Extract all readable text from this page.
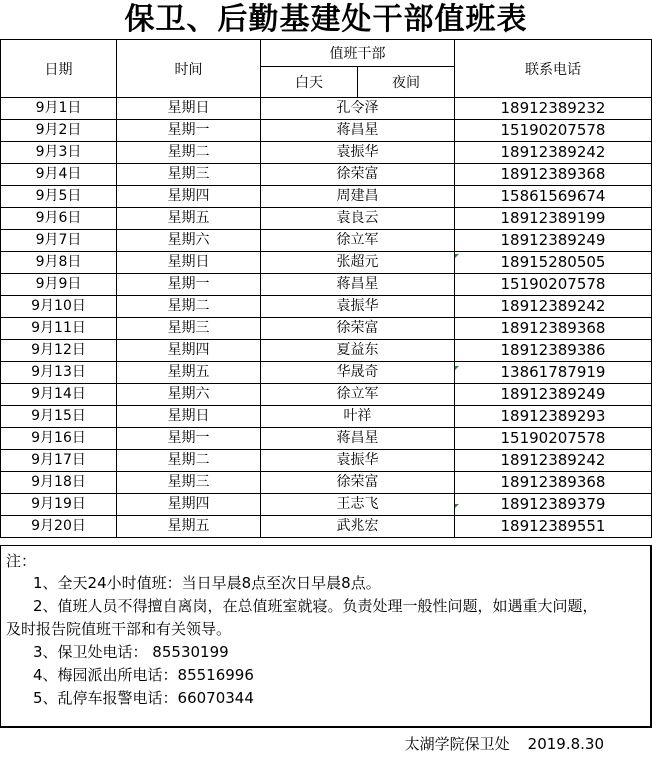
保卫、后勤基建处干部值班表
日期	时间	值班干部		联系电话
		白天	夜间	
9月1日	星期日	孔令泽		18912389232
9月2日	星期一	蒋昌星		15190207578
9月3日	星期二	袁振华		18912389242
9月4日	星期三	徐荣富		18912389368
9月5日	星期四	周建昌		15861569674
9月6日	星期五	袁良云		18912389199
9月7日	星期六	徐立军		18912389249
9月8日	星期日	张超元		18915280505
9月9日	星期一	蒋昌星		15190207578
9月10日	星期二	袁振华		18912389242
9月11日	星期三	徐荣富		18912389368
9月12日	星期四	夏益东		18912389386
9月13日	星期五	华晟奇		13861787919
9月14日	星期六	徐立军		18912389249
9月15日	星期日	叶祥		18912389293
9月16日	星期一	蒋昌星		15190207578
9月17日	星期二	袁振华		18912389242
9月18日	星期三	徐荣富		18912389368
9月19日	星期四	王志飞		18912389379
9月20日	星期五	武兆宏		18912389551
注：
1、全天24小时值班：当日早晨8点至次日早晨8点。
2、值班人员不得擅自离岗，在总值班室就寝。负责处理一般性问题，如遇重大问题，
及时报告院值班干部和有关领导。
3、保卫处电话： 85530199
4、梅园派出所电话：85516996
5、乱停车报警电话：66070344
太湖学院保卫处 2019.8.30
